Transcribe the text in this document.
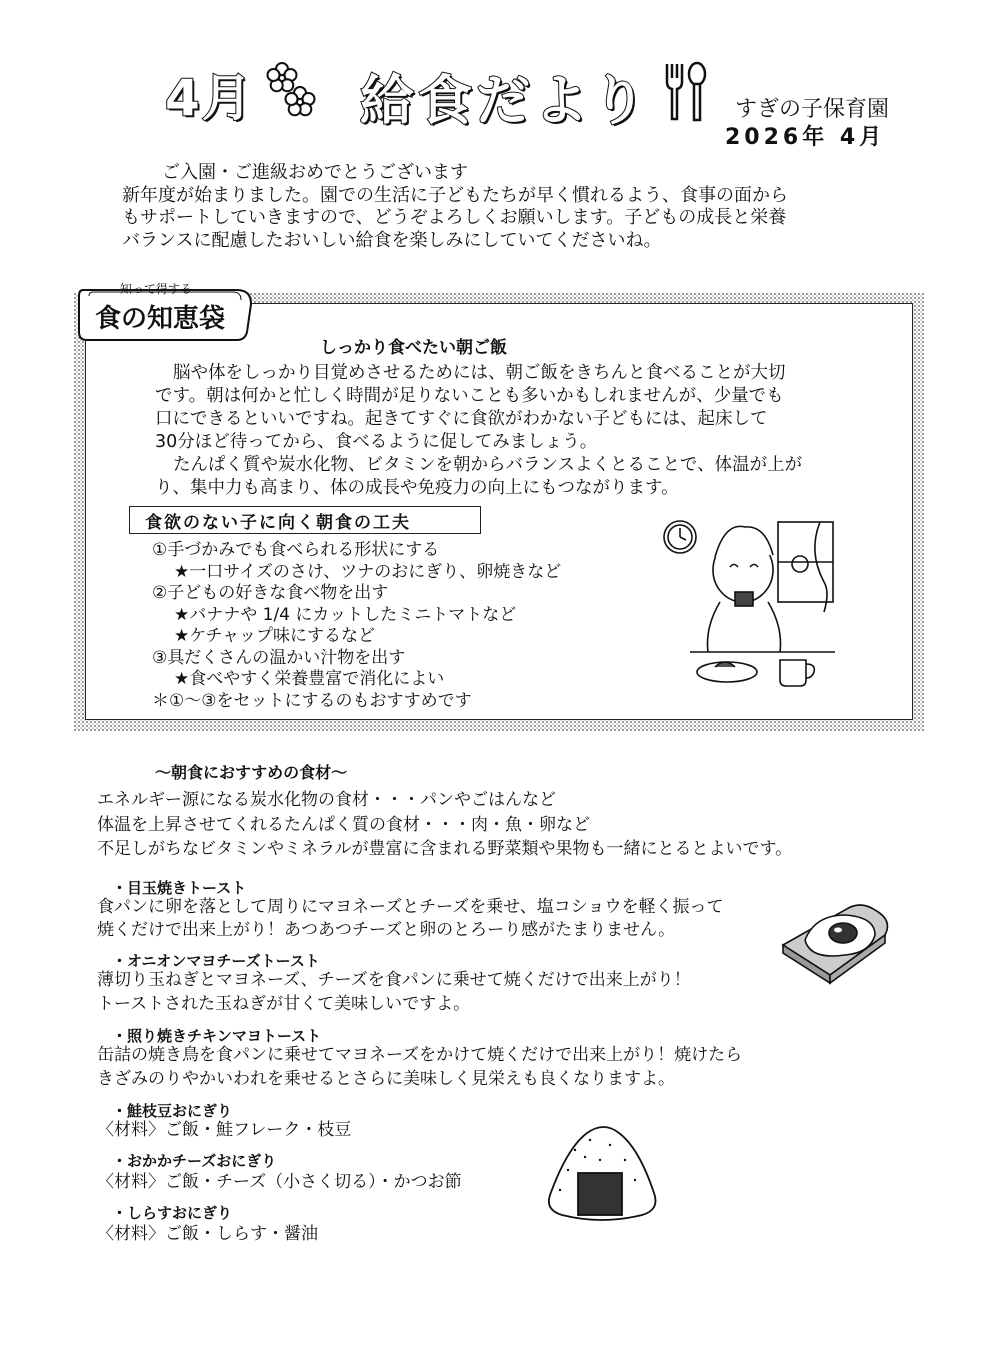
4月 給食だより	すぎの子保育園
2026年 4月

ご入園・ご進級おめでとうございます

新年度が始まりました。園での生活に子どもたちが早く慣れるよう、食事の面から

もサポートしていきますので、どうぞよろしくお願いします。子どもの成長と栄養

バランスに配慮したおいしい給食を楽しみにしていてくださいね。

知って得する
食の知恵袋
しっかり食べたい朝ご飯

脳や体をしっかり目覚めさせるためには、朝ご飯をきちんと食べることが大切

です。朝は何かと忙しく時間が足りないことも多いかもしれませんが、少量でも

口にできるといいですね。起きてすぐに食欲がわかない子どもには、起床して

30分ほど待ってから、食べるように促してみましょう。

たんぱく質や炭水化物、ビタミンを朝からバランスよくとることで、体温が上が

り、集中力も高まり、体の成長や免疫力の向上にもつながります。

食欲のない子に向く朝食の工夫
①手づかみでも食べられる形状にする
★一口サイズのさけ、ツナのおにぎり、卵焼きなど
②子どもの好きな食べ物を出す
★バナナや 1/4 にカットしたミニトマトなど
★ケチャップ味にするなど
③具だくさんの温かい汁物を出す
★食べやすく栄養豊富で消化によい
＊①～③をセットにするのもおすすめです
～朝食におすすめの食材～
エネルギー源になる炭水化物の食材・・・パンやごはんなど
体温を上昇させてくれるたんぱく質の食材・・・肉・魚・卵など
不足しがちなビタミンやミネラルが豊富に含まれる野菜類や果物も一緒にとるとよいです。
・目玉焼きトースト
食パンに卵を落として周りにマヨネーズとチーズを乗せ、塩コショウを軽く振って
焼くだけで出来上がり！あつあつチーズと卵のとろーり感がたまりません。
・オニオンマヨチーズトースト
薄切り玉ねぎとマヨネーズ、チーズを食パンに乗せて焼くだけで出来上がり！
トーストされた玉ねぎが甘くて美味しいですよ。
・照り焼きチキンマヨトースト
缶詰の焼き鳥を食パンに乗せてマヨネーズをかけて焼くだけで出来上がり！焼けたら
きざみのりやかいわれを乗せるとさらに美味しく見栄えも良くなりますよ。
・鮭枝豆おにぎり
〈材料〉ご飯・鮭フレーク・枝豆
・おかかチーズおにぎり
〈材料〉ご飯・チーズ（小さく切る）・かつお節
・しらすおにぎり
〈材料〉ご飯・しらす・醤油
